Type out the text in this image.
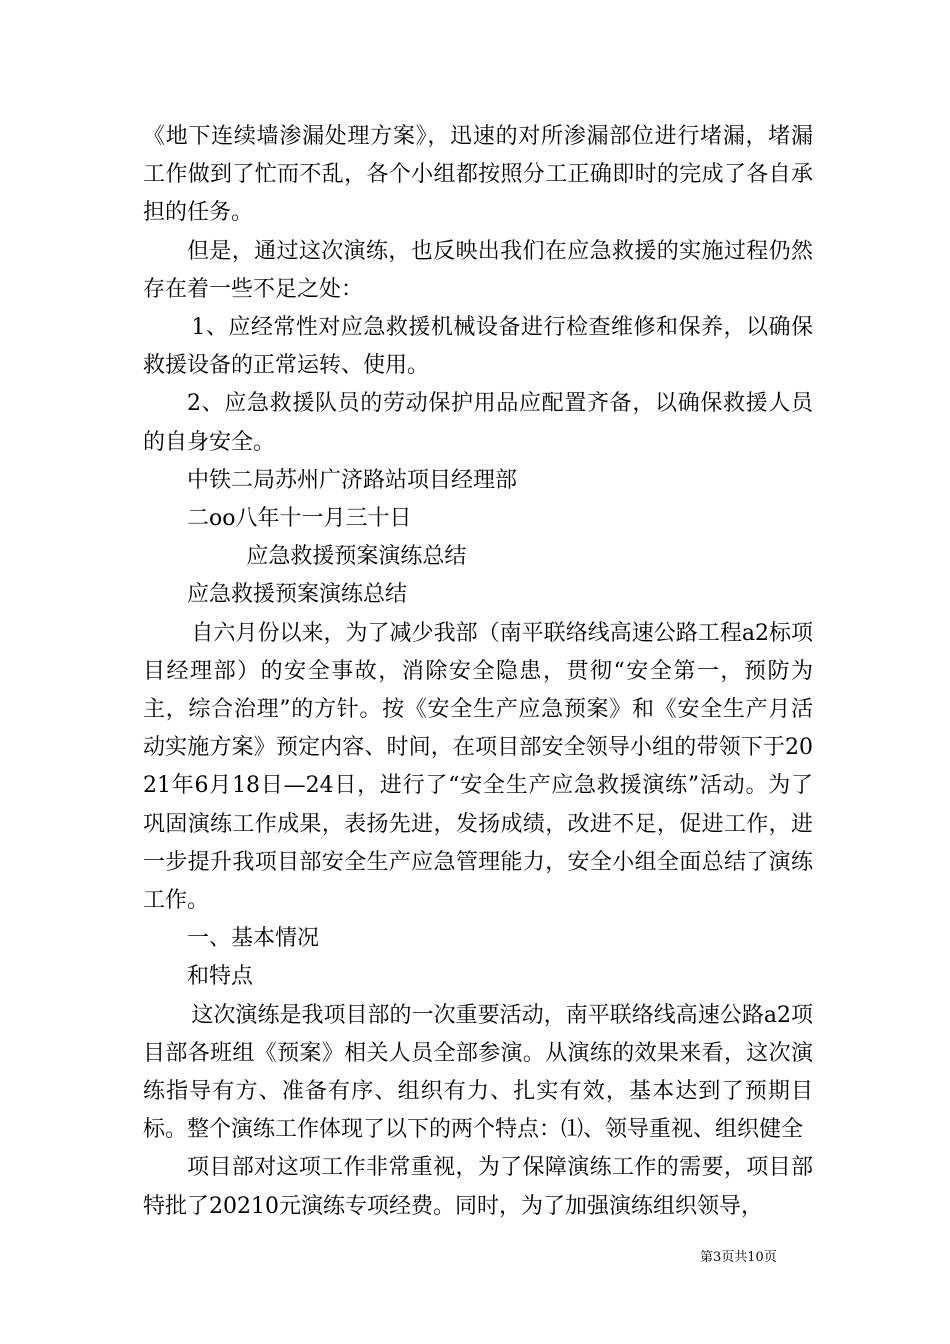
《地下连续墙渗漏处理方案》，迅速的对所渗漏部位进行堵漏，堵漏工作做到了忙而不乱，各个小组都按照分工正确即时的完成了各自承担的任务。

但是，通过这次演练，也反映出我们在应急救援的实施过程仍然存在着一些不足之处：

1、应经常性对应急救援机械设备进行检查维修和保养，以确保救援设备的正常运转、使用。

2、应急救援队员的劳动保护用品应配置齐备，以确保救援人员的自身安全。

中铁二局苏州广济路站项目经理部

二oo八年十一月三十日

应急救援预案演练总结

应急救援预案演练总结

自六月份以来，为了减少我部（南平联络线高速公路工程a2标项目经理部）的安全事故，消除安全隐患，贯彻“安全第一，预防为主，综合治理”的方针。按《安全生产应急预案》和《安全生产月活动实施方案》预定内容、时间，在项目部安全领导小组的带领下于2021年6月18日—24日，进行了“安全生产应急救援演练”活动。为了巩固演练工作成果，表扬先进，发扬成绩，改进不足，促进工作，进一步提升我项目部安全生产应急管理能力，安全小组全面总结了演练工作。

一、基本情况

和特点

这次演练是我项目部的一次重要活动，南平联络线高速公路a2项目部各班组《预案》相关人员全部参演。从演练的效果来看，这次演练指导有方、准备有序、组织有力、扎实有效，基本达到了预期目标。整个演练工作体现了以下的两个特点：⑴、领导重视、组织健全

项目部对这项工作非常重视，为了保障演练工作的需要，项目部特批了20210元演练专项经费。同时，为了加强演练组织领导，

第3页共10页
